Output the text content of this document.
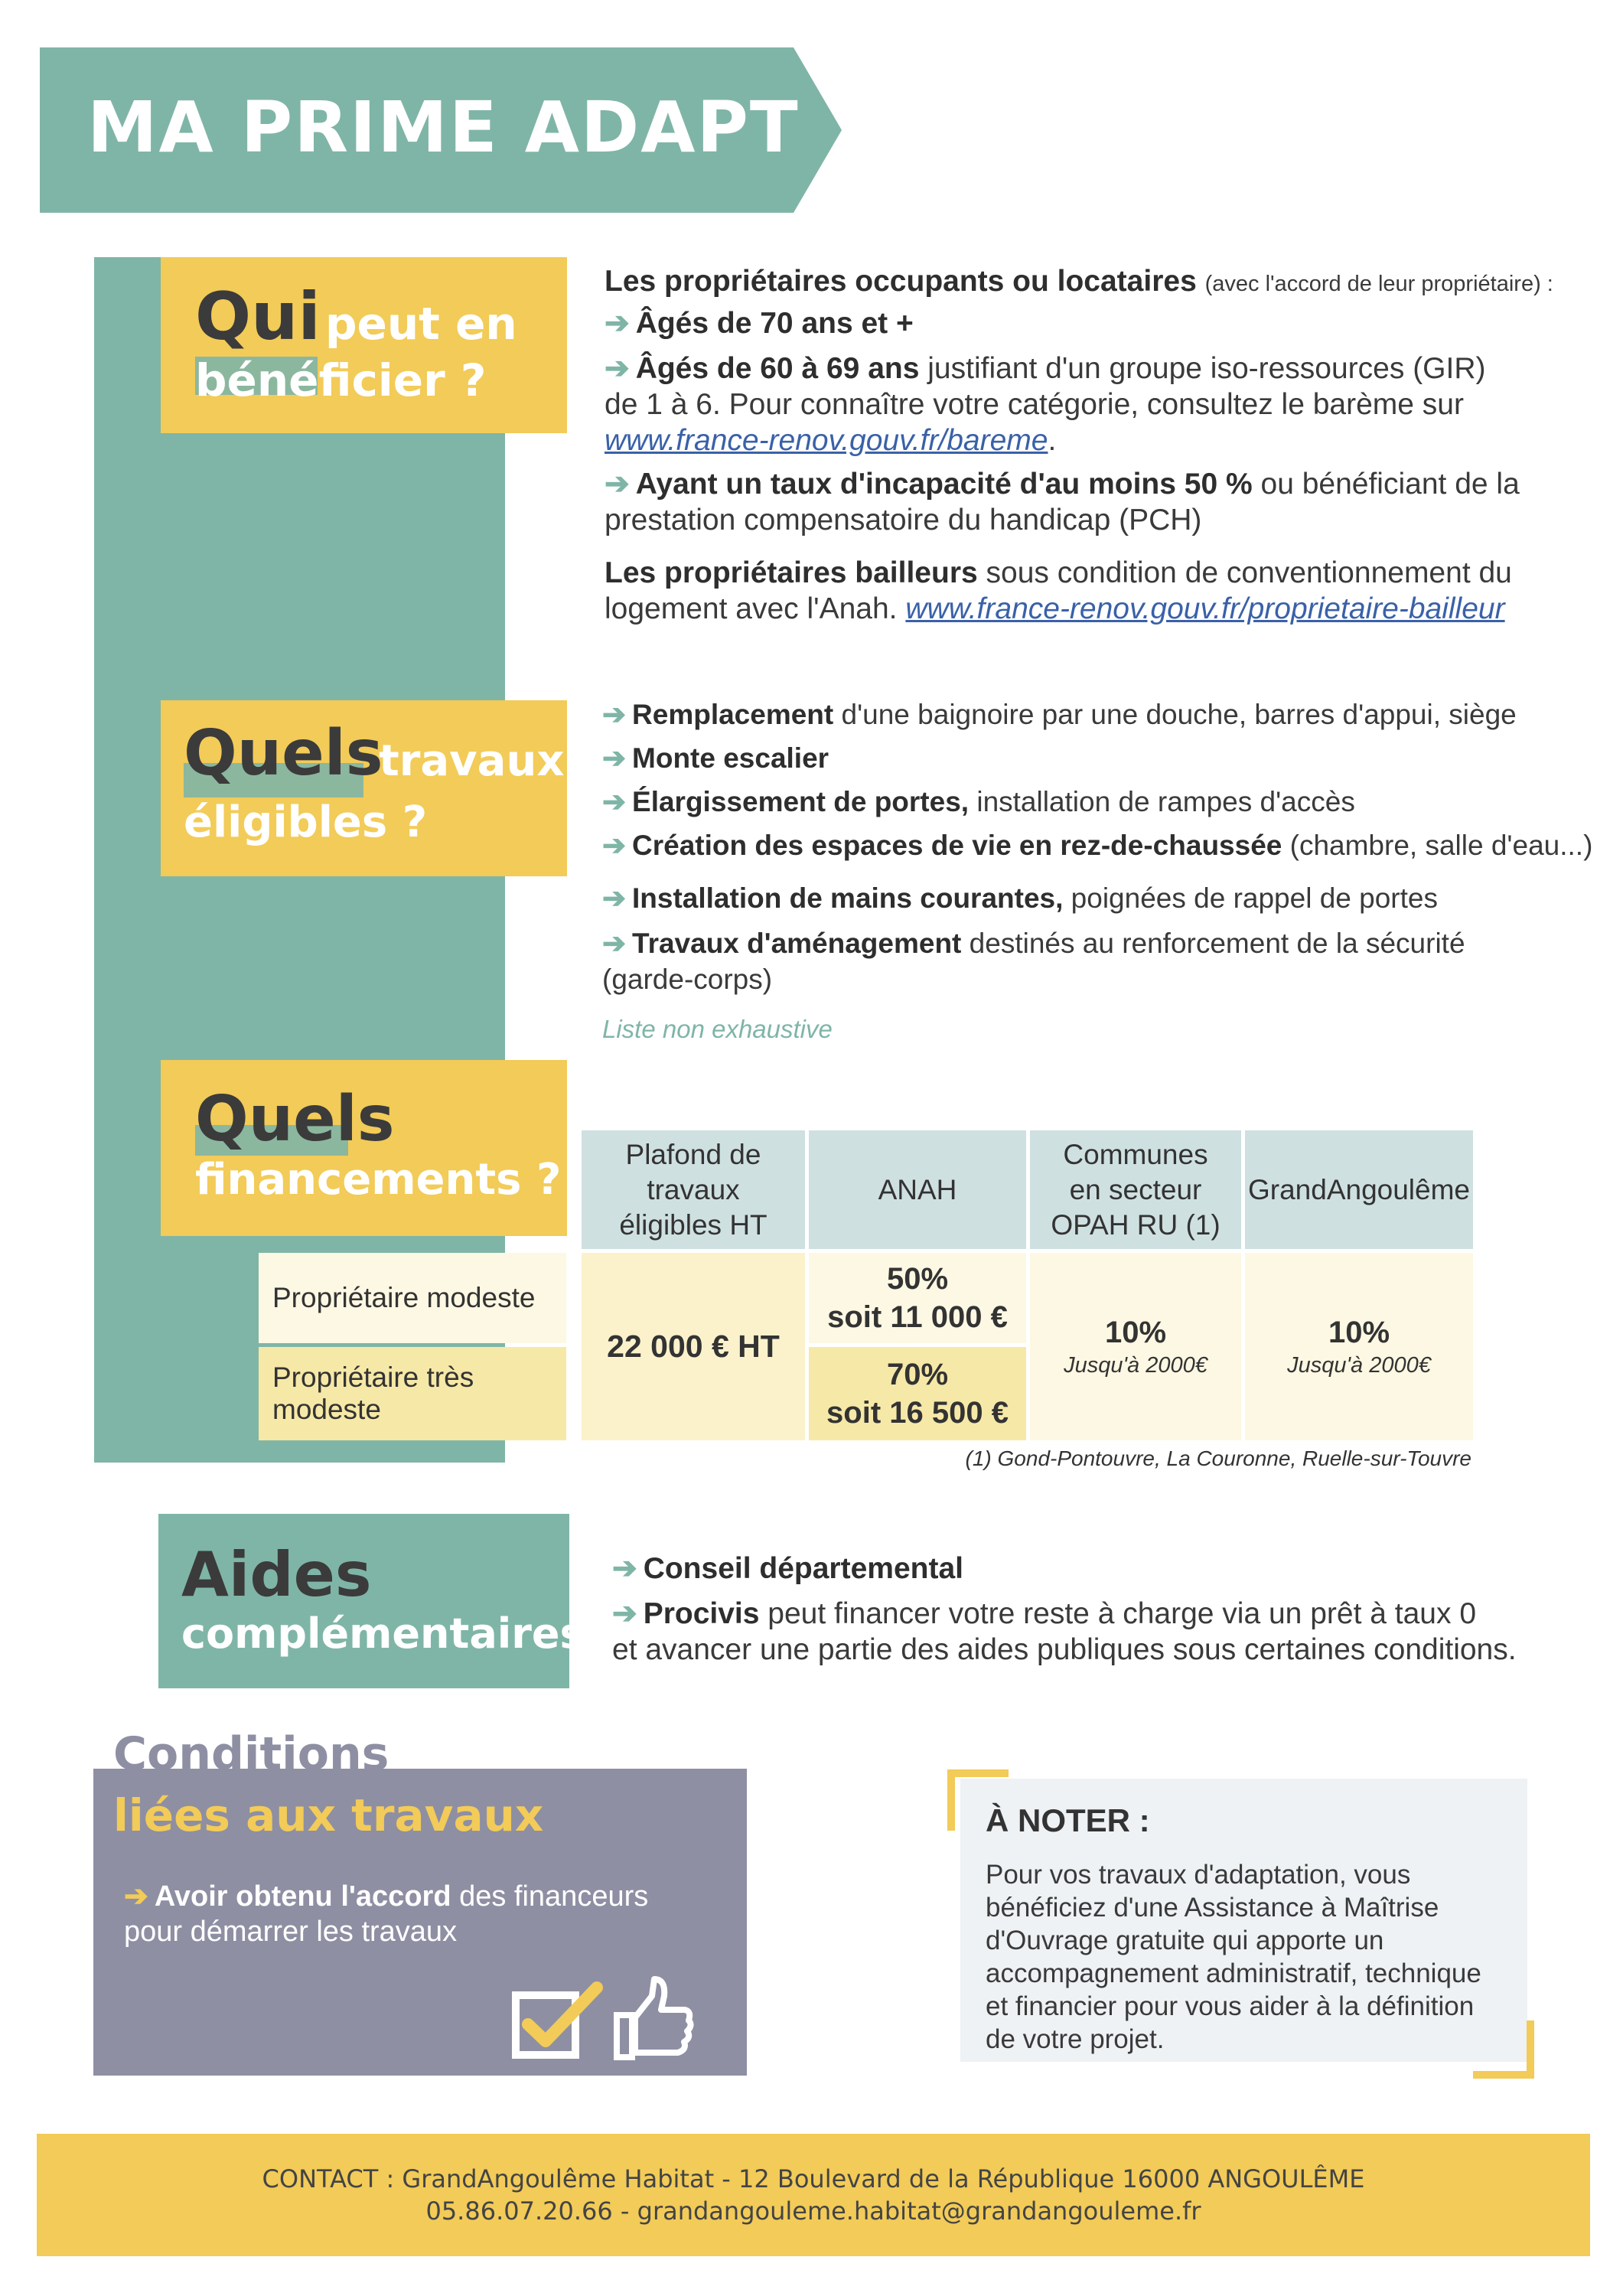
MA PRIME ADAPT
Qui peut en
bénéficier ?
Les propriétaires occupants ou locataires (avec l'accord de leur propriétaire) :
➔ Âgés de 70 ans et +
➔ Âgés de 60 à 69 ans justifiant d'un groupe iso-ressources (GIR)
de 1 à 6. Pour connaître votre catégorie, consultez le barème sur
www.france-renov.gouv.fr/bareme.
➔ Ayant un taux d'incapacité d'au moins 50 % ou bénéficiant de la
prestation compensatoire du handicap (PCH)
Les propriétaires bailleurs sous condition de conventionnement du
logement avec l'Anah. www.france-renov.gouv.fr/proprietaire-bailleur
Quels
travaux
éligibles ?
➔ Remplacement d'une baignoire par une douche, barres d'appui, siège
➔ Monte escalier
➔ Élargissement de portes, installation de rampes d'accès
➔ Création des espaces de vie en rez-de-chaussée (chambre, salle d'eau...)
➔ Installation de mains courantes, poignées de rappel de portes
➔ Travaux d'aménagement destinés au renforcement de la sécurité
(garde-corps)
Liste non exhaustive
Quels
financements ?
Plafond de travaux éligibles HT
ANAH
Communes en secteur OPAH RU (1)
GrandAngoulême
Propriétaire modeste
Propriétaire très modeste
22 000 € HT
50%
soit 11 000 €
70%
soit 16 500 €
10%
Jusqu'à 2000€
10%
Jusqu'à 2000€
(1) Gond-Pontouvre, La Couronne, Ruelle-sur-Touvre
Aides
complémentaires
➔ Conseil départemental
➔ Procivis peut financer votre reste à charge via un prêt à taux 0
et avancer une partie des aides publiques sous certaines conditions.
Conditions
liées aux travaux
➔ Avoir obtenu l'accord des financeurs
pour démarrer les travaux
À NOTER :
Pour vos travaux d'adaptation, vous
bénéficiez d'une Assistance à Maîtrise
d'Ouvrage gratuite qui apporte un
accompagnement administratif, technique
et financier pour vous aider à la définition
de votre projet.
CONTACT : GrandAngoulême Habitat - 12 Boulevard de la République 16000 ANGOULÊME
05.86.07.20.66 - grandangouleme.habitat@grandangouleme.fr
